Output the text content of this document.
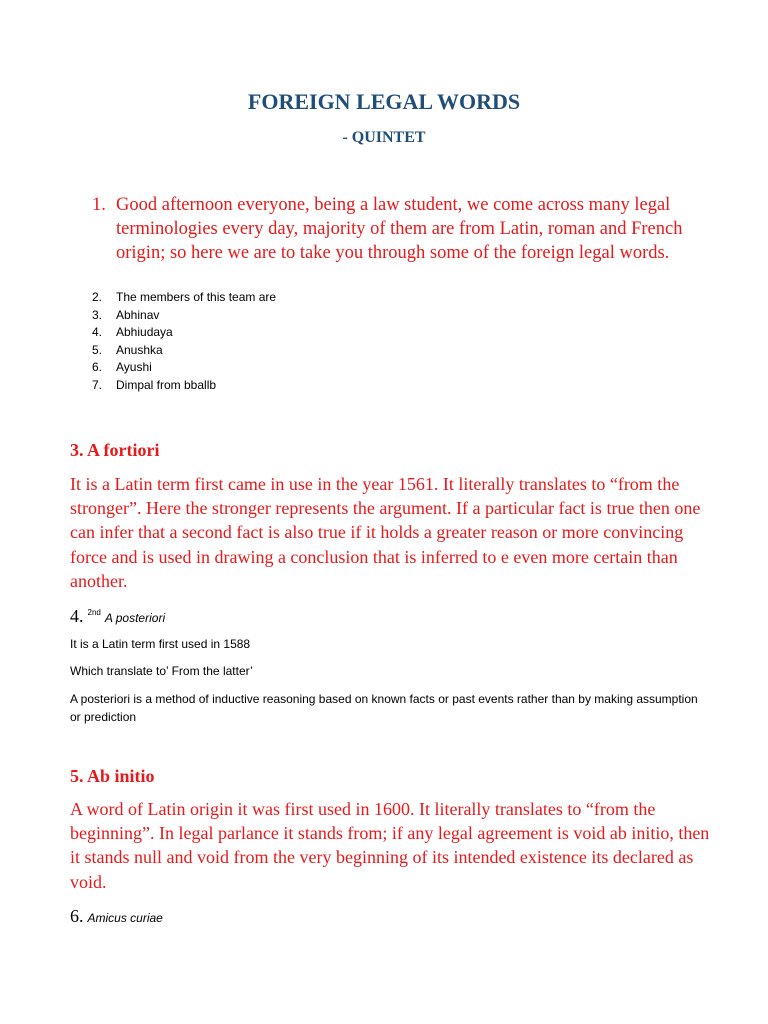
FOREIGN LEGAL WORDS
- QUINTET
1. Good afternoon everyone, being a law student, we come across many legal terminologies every day, majority of them are from Latin, roman and French origin; so here we are to take you through some of the foreign legal words.
2. The members of this team are
3. Abhinav
4. Abhiudaya
5. Anushka
6. Ayushi
7. Dimpal from bballb
3. A fortiori
It is a Latin term first came in use in the year 1561. It literally translates to “from the stronger”. Here the stronger represents the argument. If a particular fact is true then one can infer that a second fact is also true if it holds a greater reason or more convincing force and is used in drawing a conclusion that is inferred to e even more certain than another.
4. $^{2nd}$ A posteriori
It is a Latin term first used in 1588
Which translate to’ From the latter’
A posteriori is a method of inductive reasoning based on known facts or past events rather than by making assumption or prediction
5. Ab initio
A word of Latin origin it was first used in 1600. It literally translates to “from the beginning”. In legal parlance it stands from; if any legal agreement is void ab initio, then it stands null and void from the very beginning of its intended existence its declared as void.
6. Amicus curiae
